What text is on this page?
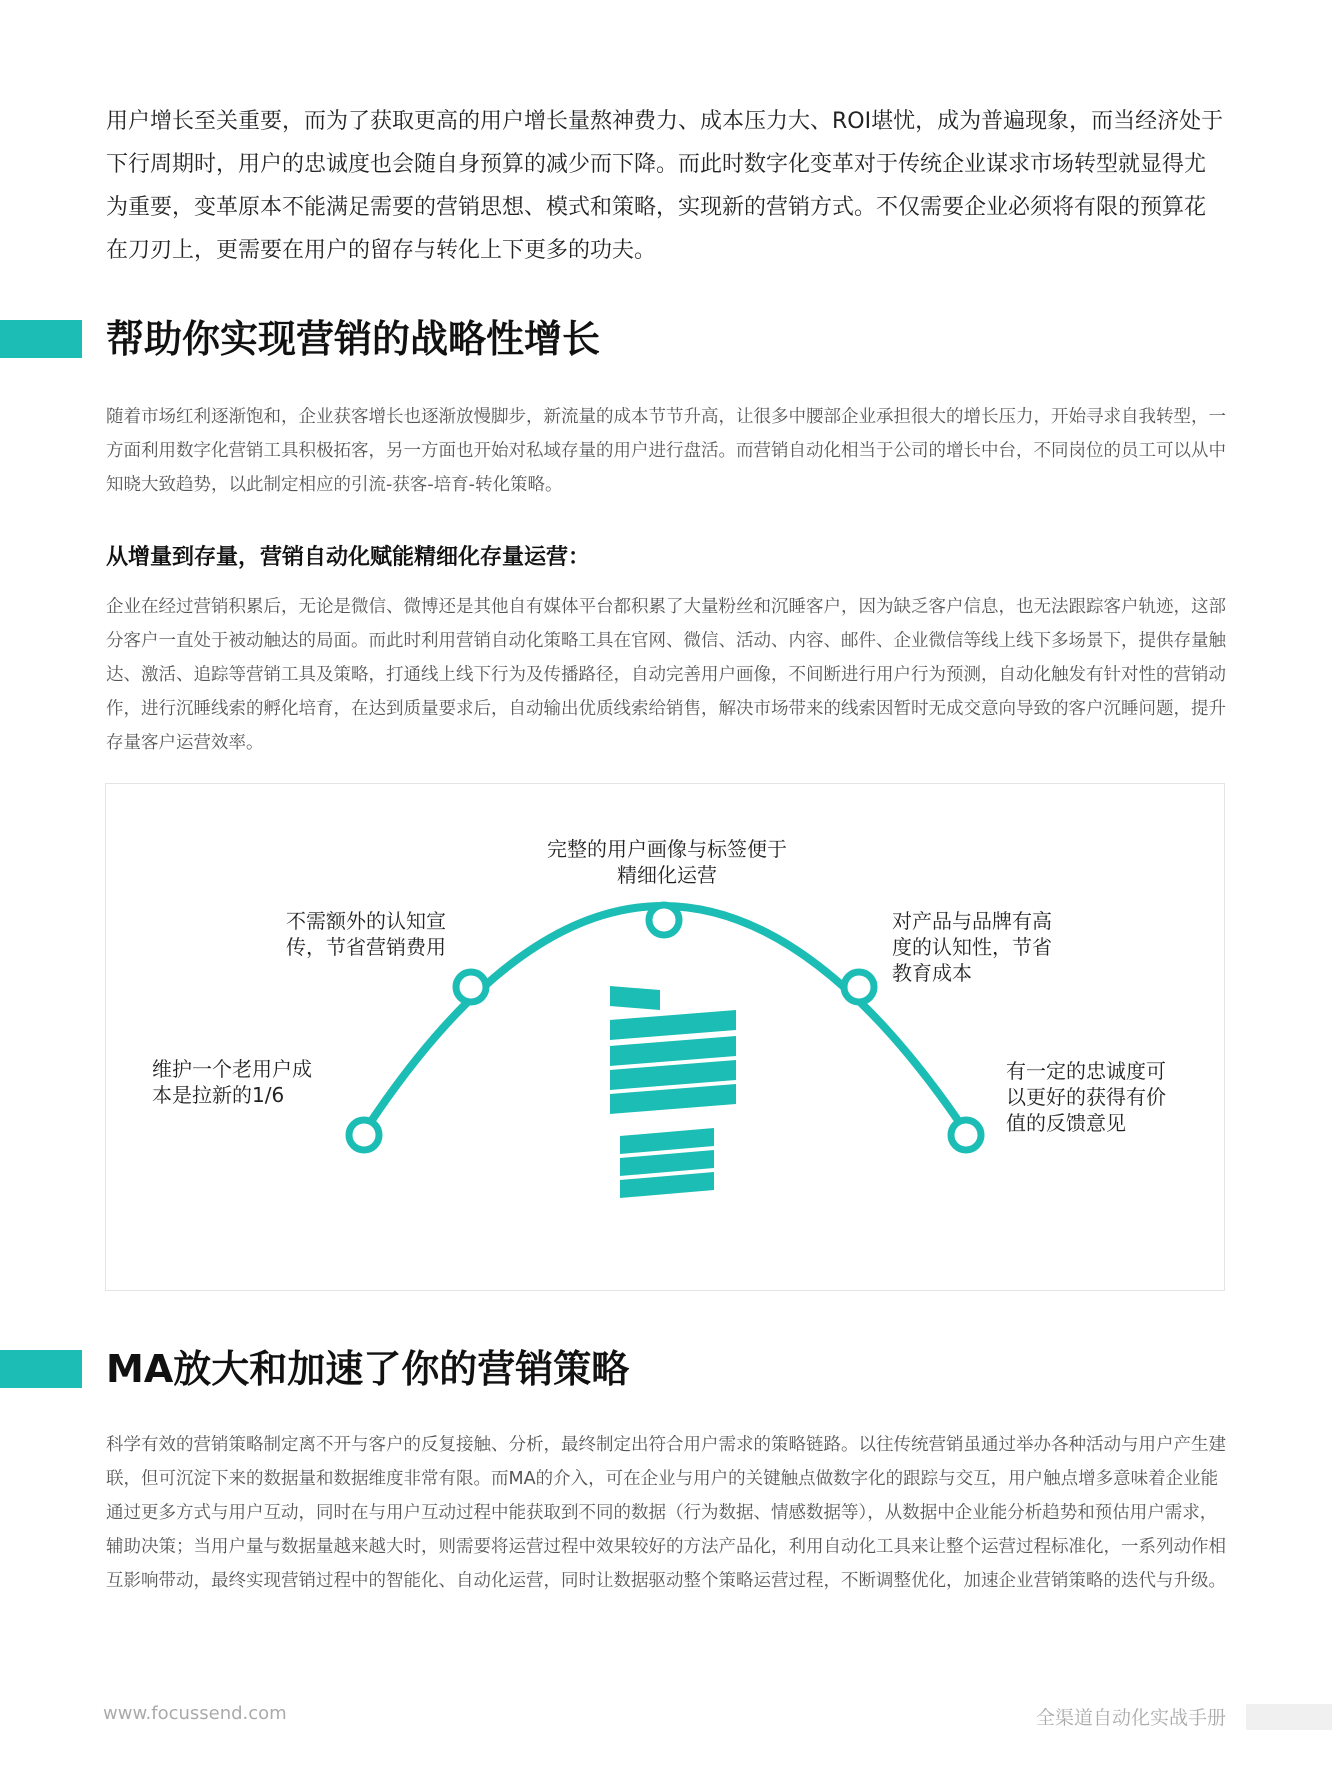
用户增长至关重要，而为了获取更高的用户增长量熬神费力、成本压力大、ROI堪忧，成为普遍现象，而当经济处于下行周期时，用户的忠诚度也会随自身预算的减少而下降。而此时数字化变革对于传统企业谋求市场转型就显得尤为重要，变革原本不能满足需要的营销思想、模式和策略，实现新的营销方式。不仅需要企业必须将有限的预算花在刀刃上，更需要在用户的留存与转化上下更多的功夫。

帮助你实现营销的战略性增长

随着市场红利逐渐饱和，企业获客增长也逐渐放慢脚步，新流量的成本节节升高，让很多中腰部企业承担很大的增长压力，开始寻求自我转型，一方面利用数字化营销工具积极拓客，另一方面也开始对私域存量的用户进行盘活。而营销自动化相当于公司的增长中台，不同岗位的员工可以从中知晓大致趋势，以此制定相应的引流-获客-培育-转化策略。

从增量到存量，营销自动化赋能精细化存量运营：

企业在经过营销积累后，无论是微信、微博还是其他自有媒体平台都积累了大量粉丝和沉睡客户，因为缺乏客户信息，也无法跟踪客户轨迹，这部分客户一直处于被动触达的局面。而此时利用营销自动化策略工具在官网、微信、活动、内容、邮件、企业微信等线上线下多场景下，提供存量触达、激活、追踪等营销工具及策略，打通线上线下行为及传播路径，自动完善用户画像，不间断进行用户行为预测，自动化触发有针对性的营销动作，进行沉睡线索的孵化培育，在达到质量要求后，自动输出优质线索给销售，解决市场带来的线索因暂时无成交意向导致的客户沉睡问题，提升存量客户运营效率。

维护一个老用户成本是拉新的1/6

不需额外的认知宣传，节省营销费用

完整的用户画像与标签便于精细化运营

对产品与品牌有高度的认知性，节省教育成本

有一定的忠诚度可以更好的获得有价值的反馈意见

MA放大和加速了你的营销策略

科学有效的营销策略制定离不开与客户的反复接触、分析，最终制定出符合用户需求的策略链路。以往传统营销虽通过举办各种活动与用户产生建联，但可沉淀下来的数据量和数据维度非常有限。而MA的介入，可在企业与用户的关键触点做数字化的跟踪与交互，用户触点增多意味着企业能通过更多方式与用户互动，同时在与用户互动过程中能获取到不同的数据（行为数据、情感数据等），从数据中企业能分析趋势和预估用户需求，辅助决策；当用户量与数据量越来越大时，则需要将运营过程中效果较好的方法产品化，利用自动化工具来让整个运营过程标准化，一系列动作相互影响带动，最终实现营销过程中的智能化、自动化运营，同时让数据驱动整个策略运营过程，不断调整优化，加速企业营销策略的迭代与升级。

www.focussend.com	全渠道自动化实战手册
